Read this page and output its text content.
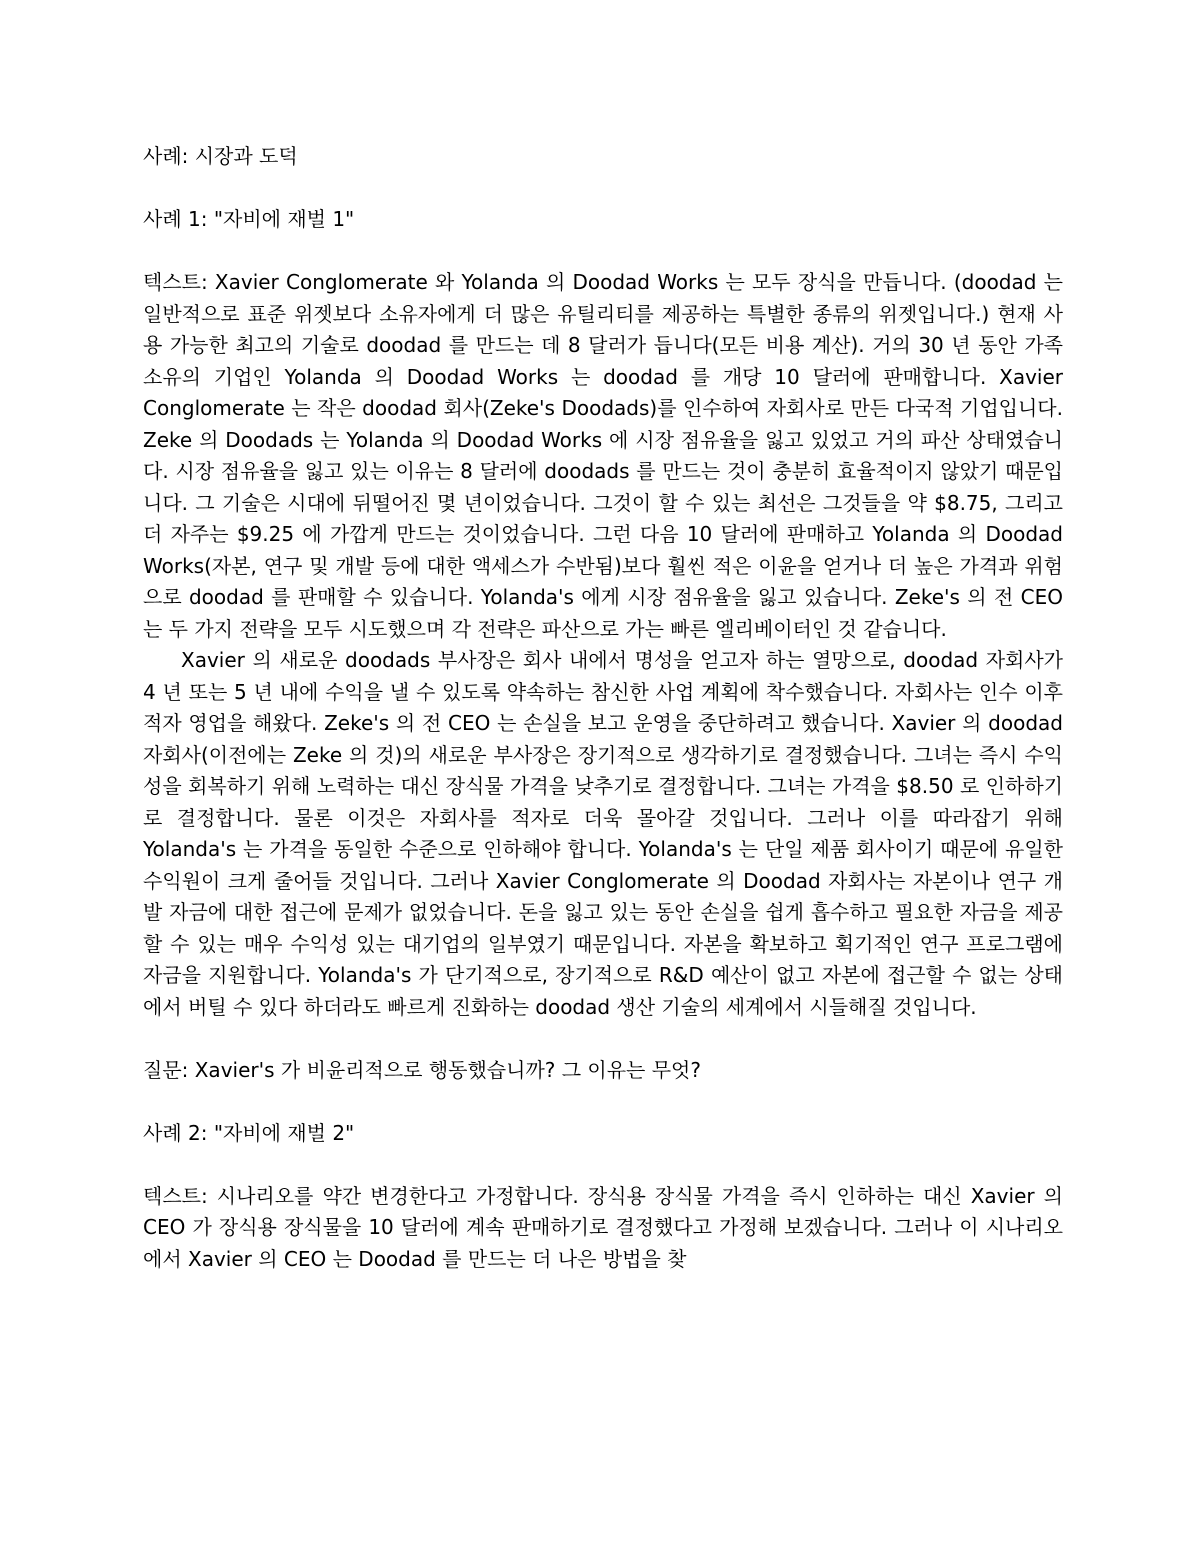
사례: 시장과 도덕

사례 1: "자비에 재벌 1"

텍스트: Xavier Conglomerate 와 Yolanda 의 Doodad Works 는 모두 장식을 만듭니다. (doodad 는 일반적으로 표준 위젯보다 소유자에게 더 많은 유틸리티를 제공하는 특별한 종류의 위젯입니다.) 현재 사용 가능한 최고의 기술로 doodad 를 만드는 데 8 달러가 듭니다(모든 비용 계산). 거의 30 년 동안 가족 소유의 기업인 Yolanda 의 Doodad Works 는 doodad 를 개당 10 달러에 판매합니다. Xavier Conglomerate 는 작은 doodad 회사(Zeke's Doodads)를 인수하여 자회사로 만든 다국적 기업입니다. Zeke 의 Doodads 는 Yolanda 의 Doodad Works 에 시장 점유율을 잃고 있었고 거의 파산 상태였습니다. 시장 점유율을 잃고 있는 이유는 8 달러에 doodads 를 만드는 것이 충분히 효율적이지 않았기 때문입니다. 그 기술은 시대에 뒤떨어진 몇 년이었습니다. 그것이 할 수 있는 최선은 그것들을 약 $8.75, 그리고 더 자주는 $9.25 에 가깝게 만드는 것이었습니다. 그런 다음 10 달러에 판매하고 Yolanda 의 Doodad Works(자본, 연구 및 개발 등에 대한 액세스가 수반됨)보다 훨씬 적은 이윤을 얻거나 더 높은 가격과 위험으로 doodad 를 판매할 수 있습니다. Yolanda's 에게 시장 점유율을 잃고 있습니다. Zeke's 의 전 CEO 는 두 가지 전략을 모두 시도했으며 각 전략은 파산으로 가는 빠른 엘리베이터인 것 같습니다.

Xavier 의 새로운 doodads 부사장은 회사 내에서 명성을 얻고자 하는 열망으로, doodad 자회사가 4 년 또는 5 년 내에 수익을 낼 수 있도록 약속하는 참신한 사업 계획에 착수했습니다. 자회사는 인수 이후 적자 영업을 해왔다. Zeke's 의 전 CEO 는 손실을 보고 운영을 중단하려고 했습니다. Xavier 의 doodad 자회사(이전에는 Zeke 의 것)의 새로운 부사장은 장기적으로 생각하기로 결정했습니다. 그녀는 즉시 수익성을 회복하기 위해 노력하는 대신 장식물 가격을 낮추기로 결정합니다. 그녀는 가격을 $8.50 로 인하하기로 결정합니다. 물론 이것은 자회사를 적자로 더욱 몰아갈 것입니다. 그러나 이를 따라잡기 위해 Yolanda's 는 가격을 동일한 수준으로 인하해야 합니다. Yolanda's 는 단일 제품 회사이기 때문에 유일한 수익원이 크게 줄어들 것입니다. 그러나 Xavier Conglomerate 의 Doodad 자회사는 자본이나 연구 개발 자금에 대한 접근에 문제가 없었습니다. 돈을 잃고 있는 동안 손실을 쉽게 흡수하고 필요한 자금을 제공할 수 있는 매우 수익성 있는 대기업의 일부였기 때문입니다. 자본을 확보하고 획기적인 연구 프로그램에 자금을 지원합니다. Yolanda's 가 단기적으로, 장기적으로 R&D 예산이 없고 자본에 접근할 수 없는 상태에서 버틸 수 있다 하더라도 빠르게 진화하는 doodad 생산 기술의 세계에서 시들해질 것입니다.

질문: Xavier's 가 비윤리적으로 행동했습니까? 그 이유는 무엇?

사례 2: "자비에 재벌 2"

텍스트: 시나리오를 약간 변경한다고 가정합니다. 장식용 장식물 가격을 즉시 인하하는 대신 Xavier 의 CEO 가 장식용 장식물을 10 달러에 계속 판매하기로 결정했다고 가정해 보겠습니다. 그러나 이 시나리오에서 Xavier 의 CEO 는 Doodad 를 만드는 더 나은 방법을 찾
